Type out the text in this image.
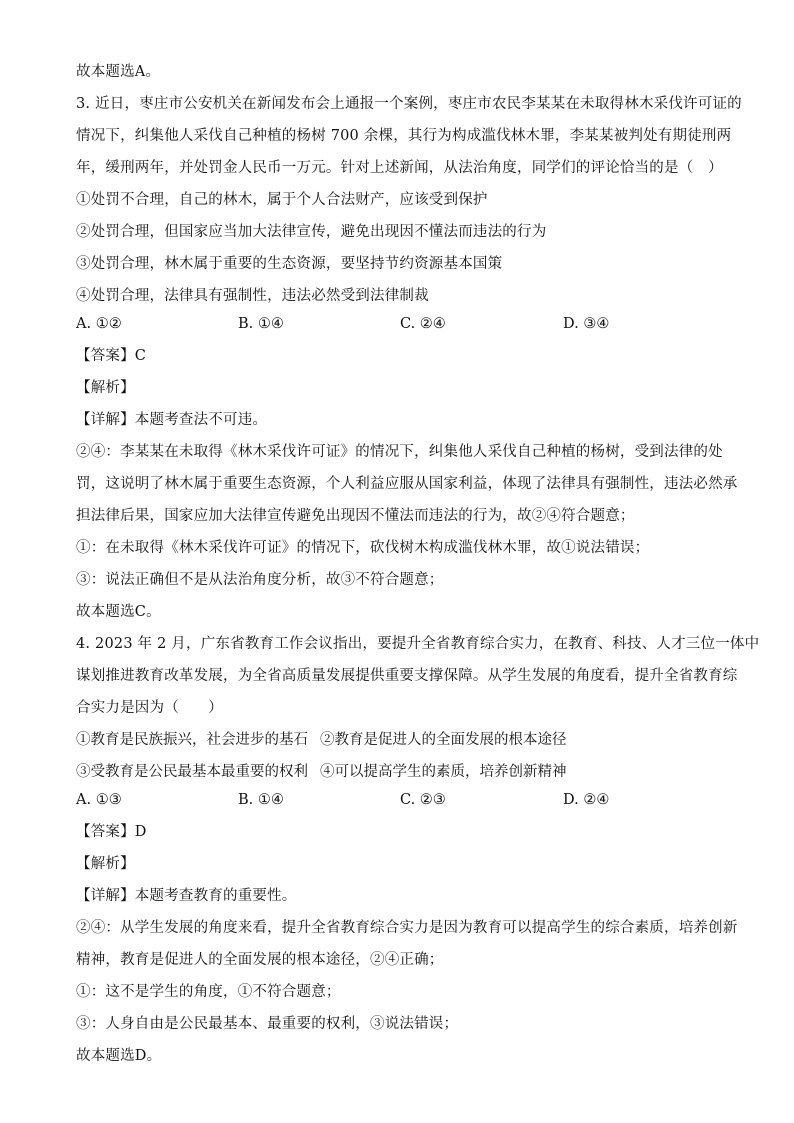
故本题选A。

3. 近日，枣庄市公安机关在新闻发布会上通报一个案例，枣庄市农民李某某在未取得林木采伐许可证的

情况下，纠集他人采伐自己种植的杨树 700 余棵，其行为构成滥伐林木罪，李某某被判处有期徒刑两

年，缓刑两年，并处罚金人民币一万元。针对上述新闻，从法治角度，同学们的评论恰当的是（　）

①处罚不合理，自己的林木，属于个人合法财产，应该受到保护

②处罚合理，但国家应当加大法律宣传，避免出现因不懂法而违法的行为

③处罚合理，林木属于重要的生态资源，要坚持节约资源基本国策

④处罚合理，法律具有强制性，违法必然受到法律制裁

A. ①②	B. ①④	C. ②④	D. ③④

【答案】C

【解析】

【详解】本题考查法不可违。

②④：李某某在未取得《林木采伐许可证》的情况下，纠集他人采伐自己种植的杨树，受到法律的处

罚，这说明了林木属于重要生态资源，个人利益应服从国家利益，体现了法律具有强制性，违法必然承

担法律后果，国家应加大法律宣传避免出现因不懂法而违法的行为，故②④符合题意；

①：在未取得《林木采伐许可证》的情况下，砍伐树木构成滥伐林木罪，故①说法错误；

③：说法正确但不是从法治角度分析，故③不符合题意；

故本题选C。

4. 2023 年 2 月，广东省教育工作会议指出，要提升全省教育综合实力，在教育、科技、人才三位一体中

谋划推进教育改革发展，为全省高质量发展提供重要支撑保障。从学生发展的角度看，提升全省教育综

合实力是因为（　　）

①教育是民族振兴，社会进步的基石 ②教育是促进人的全面发展的根本途径
③受教育是公民最基本最重要的权利 ④可以提高学生的素质，培养创新精神
A. ①③	B. ①④	C. ②③	D. ②④

【答案】D

【解析】

【详解】本题考查教育的重要性。

②④：从学生发展的角度来看，提升全省教育综合实力是因为教育可以提高学生的综合素质，培养创新

精神，教育是促进人的全面发展的根本途径，②④正确；

①：这不是学生的角度，①不符合题意；

③：人身自由是公民最基本、最重要的权利，③说法错误；

故本题选D。
